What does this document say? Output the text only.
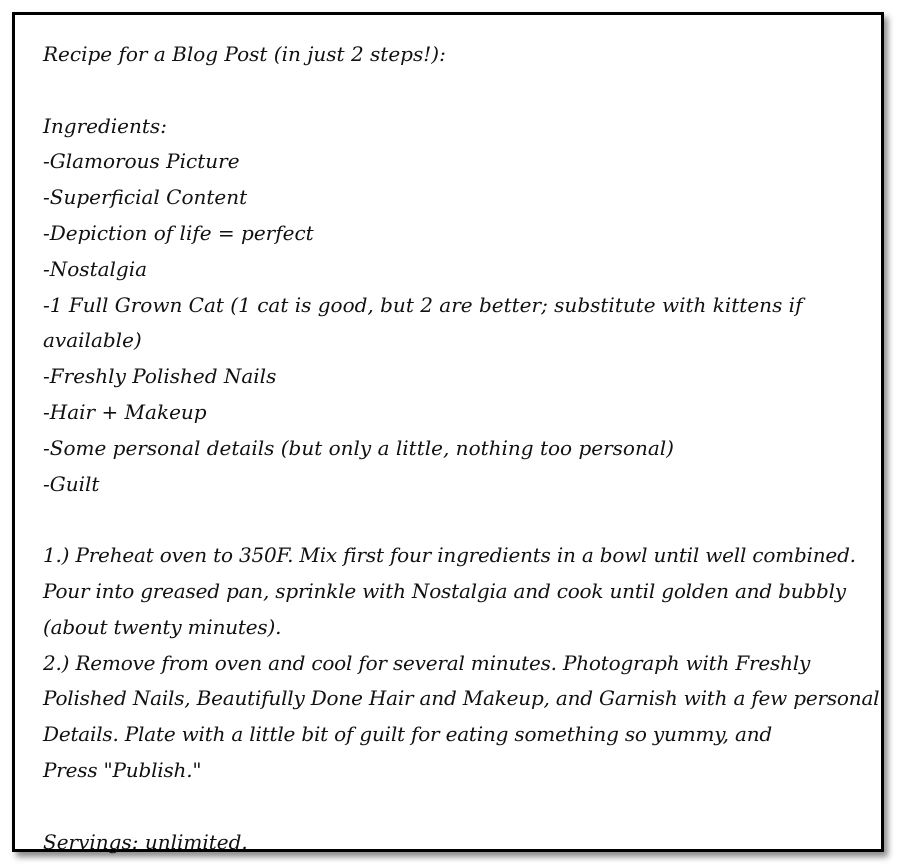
Recipe for a Blog Post (in just 2 steps!):
Ingredients:
-Glamorous Picture
-Superficial Content
-Depiction of life = perfect
-Nostalgia
-1 Full Grown Cat (1 cat is good, but 2 are better; substitute with kittens if
available)
-Freshly Polished Nails
-Hair + Makeup
-Some personal details (but only a little, nothing too personal)
-Guilt
1.) Preheat oven to 350F. Mix first four ingredients in a bowl until well combined.
Pour into greased pan, sprinkle with Nostalgia and cook until golden and bubbly
(about twenty minutes).
2.) Remove from oven and cool for several minutes. Photograph with Freshly
Polished Nails, Beautifully Done Hair and Makeup, and Garnish with a few personal
Details. Plate with a little bit of guilt for eating something so yummy, and
Press "Publish."
Servings: unlimited.
